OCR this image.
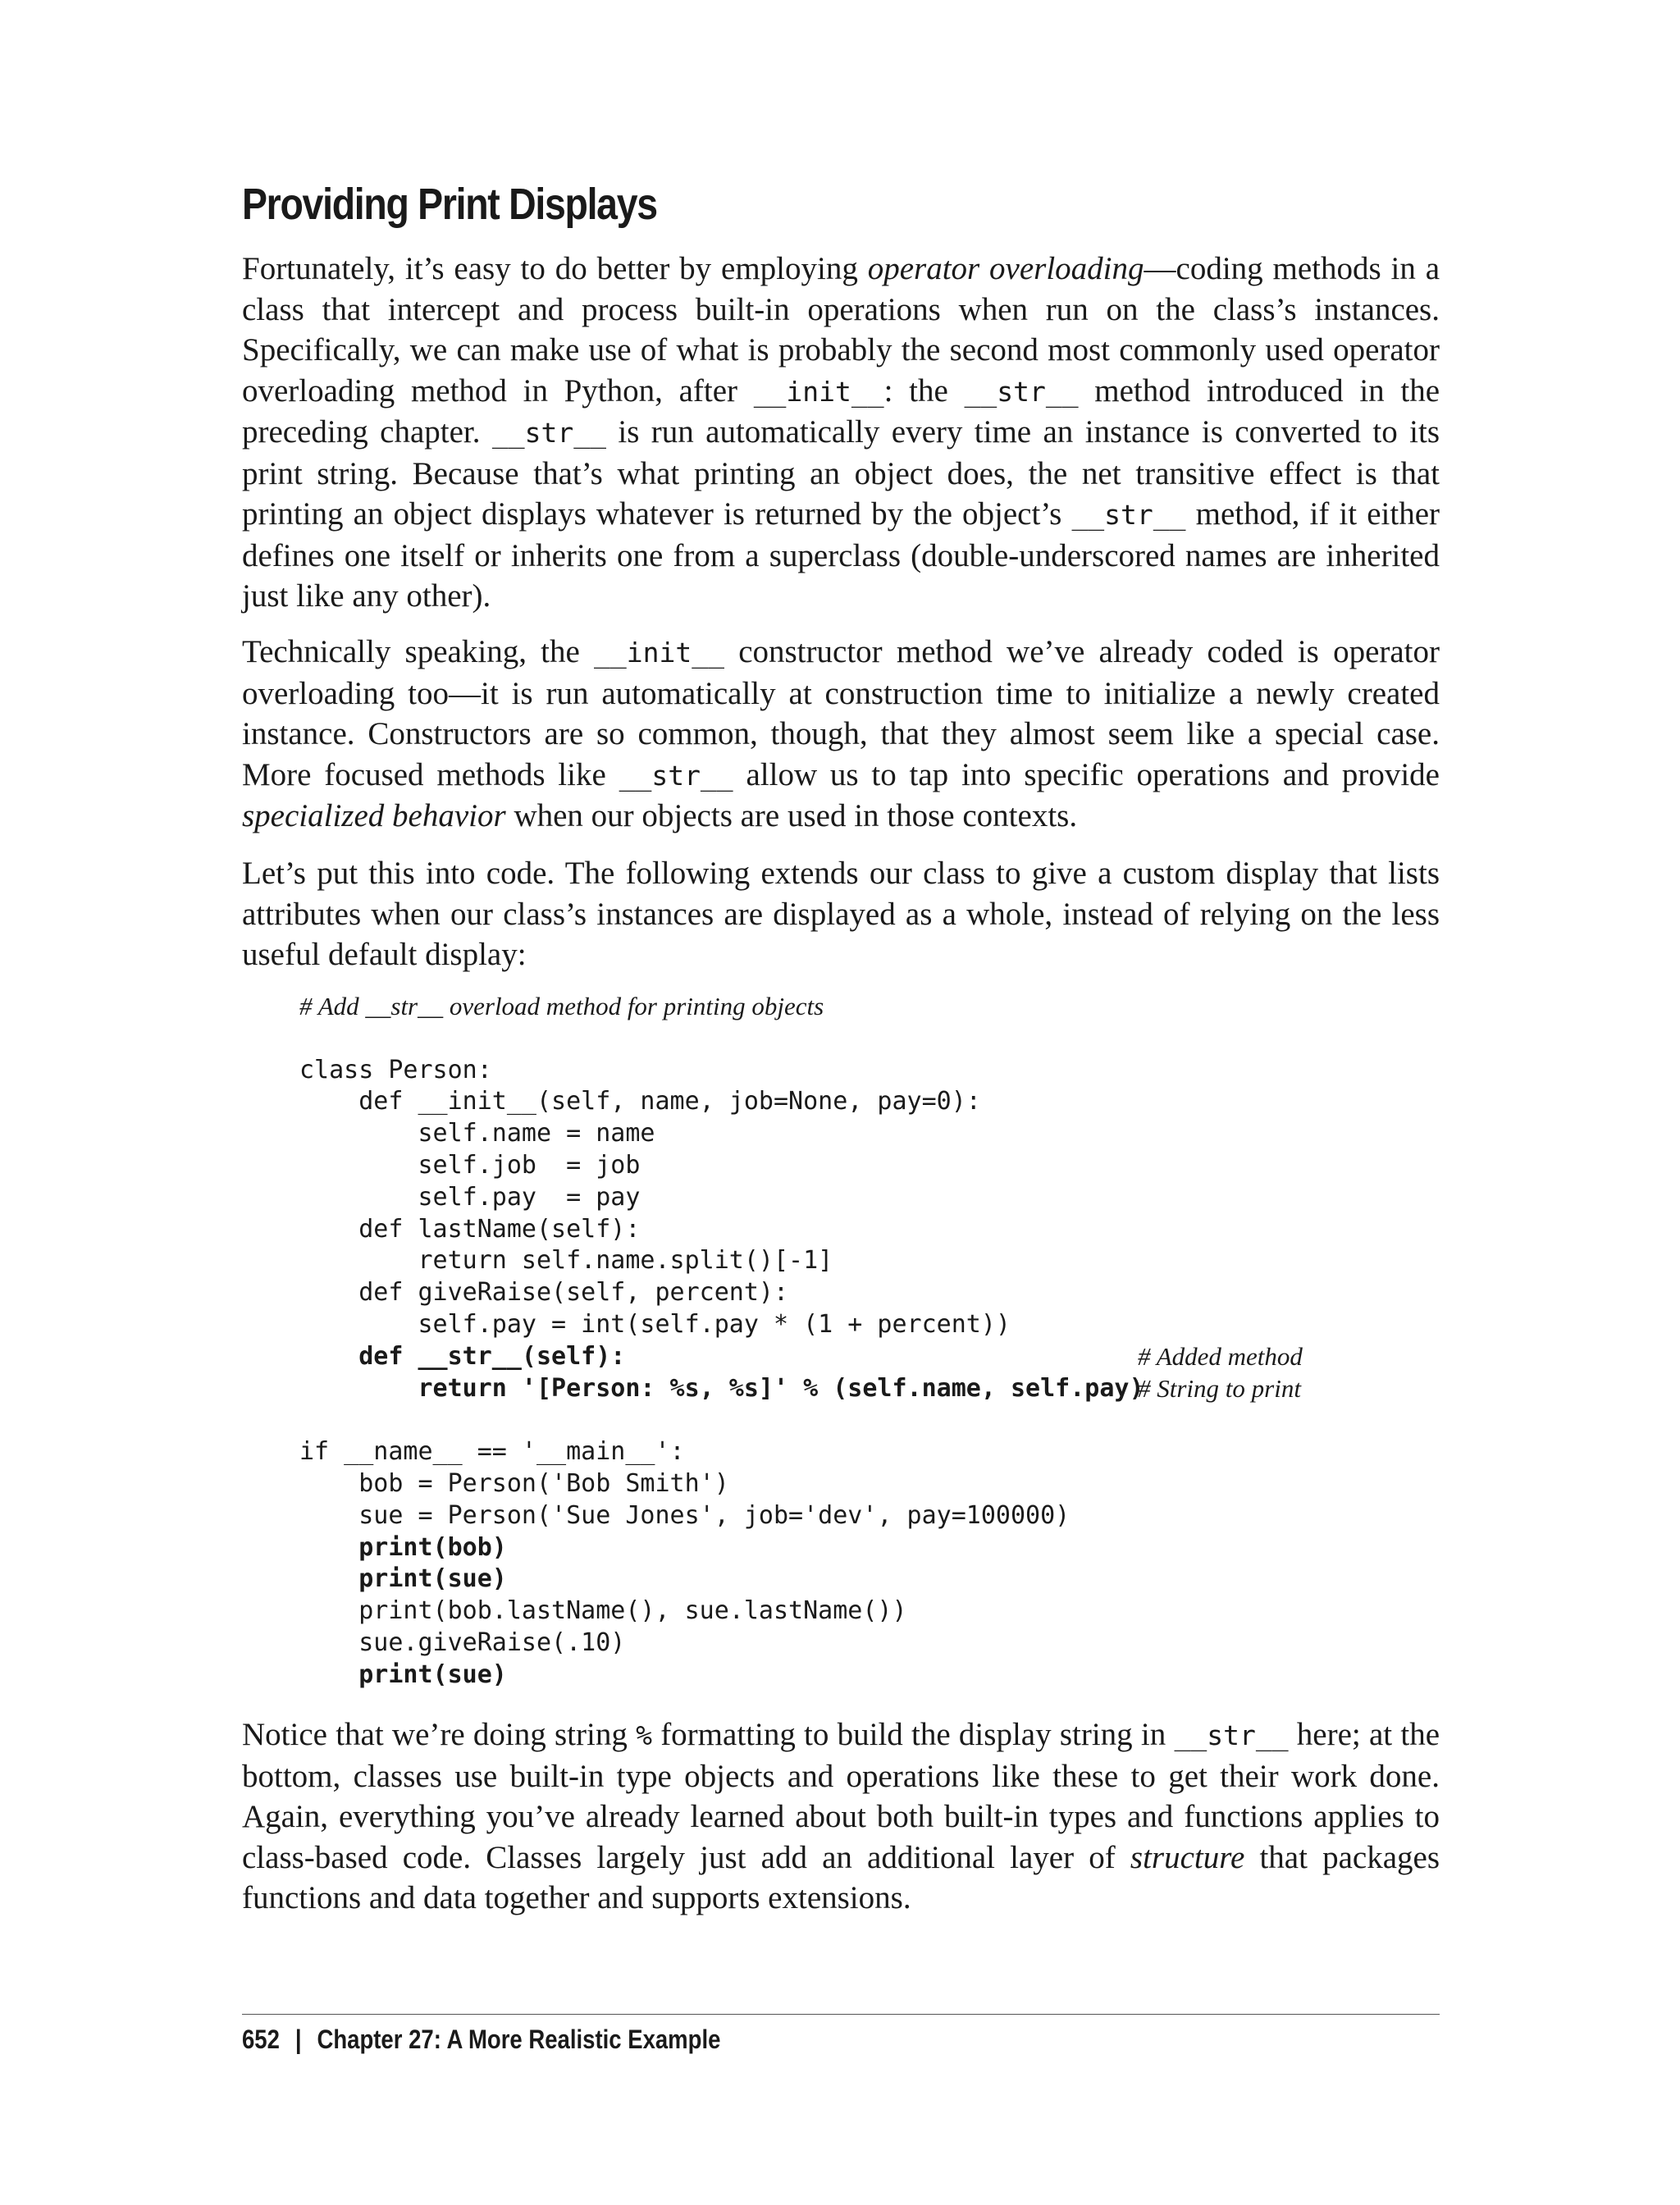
Providing Print Displays

Fortunately, it’s easy to do better by employing operator overloading—coding methods in a class that intercept and process built-in operations when run on the class’s instances. Specifically, we can make use of what is probably the second most commonly used operator overloading method in Python, after __init__: the __str__ method introduced in the preceding chapter. __str__ is run automatically every time an instance is converted to its print string. Because that’s what printing an object does, the net transitive effect is that printing an object displays whatever is returned by the object’s __str__ method, if it either defines one itself or inherits one from a superclass (double-underscored names are inherited just like any other).

Technically speaking, the __init__ constructor method we’ve already coded is operator overloading too—it is run automatically at construction time to initialize a newly created instance. Constructors are so common, though, that they almost seem like a special case. More focused methods like __str__ allow us to tap into specific operations and provide specialized behavior when our objects are used in those contexts.

Let’s put this into code. The following extends our class to give a custom display that lists attributes when our class’s instances are displayed as a whole, instead of relying on the less useful default display:

# Add __str__ overload method for printing objects
class Person:
def __init__(self, name, job=None, pay=0):
self.name = name
self.job  = job
self.pay  = pay
def lastName(self):
return self.name.split()[-1]
def giveRaise(self, percent):
self.pay = int(self.pay * (1 + percent))
def __str__(self):	# Added method
return '[Person: %s, %s]' % (self.name, self.pay)
# String to print
if __name__ == '__main__':
bob = Person('Bob Smith')
sue = Person('Sue Jones', job='dev', pay=100000)
print(bob)
print(sue)
print(bob.lastName(), sue.lastName())
sue.giveRaise(.10)
print(sue)

Notice that we’re doing string % formatting to build the display string in __str__ here; at the bottom, classes use built-in type objects and operations like these to get their work done. Again, everything you’ve already learned about both built-in types and functions applies to class-based code. Classes largely just add an additional layer of structure that packages functions and data together and supports extensions.

652 | Chapter 27: A More Realistic Example
